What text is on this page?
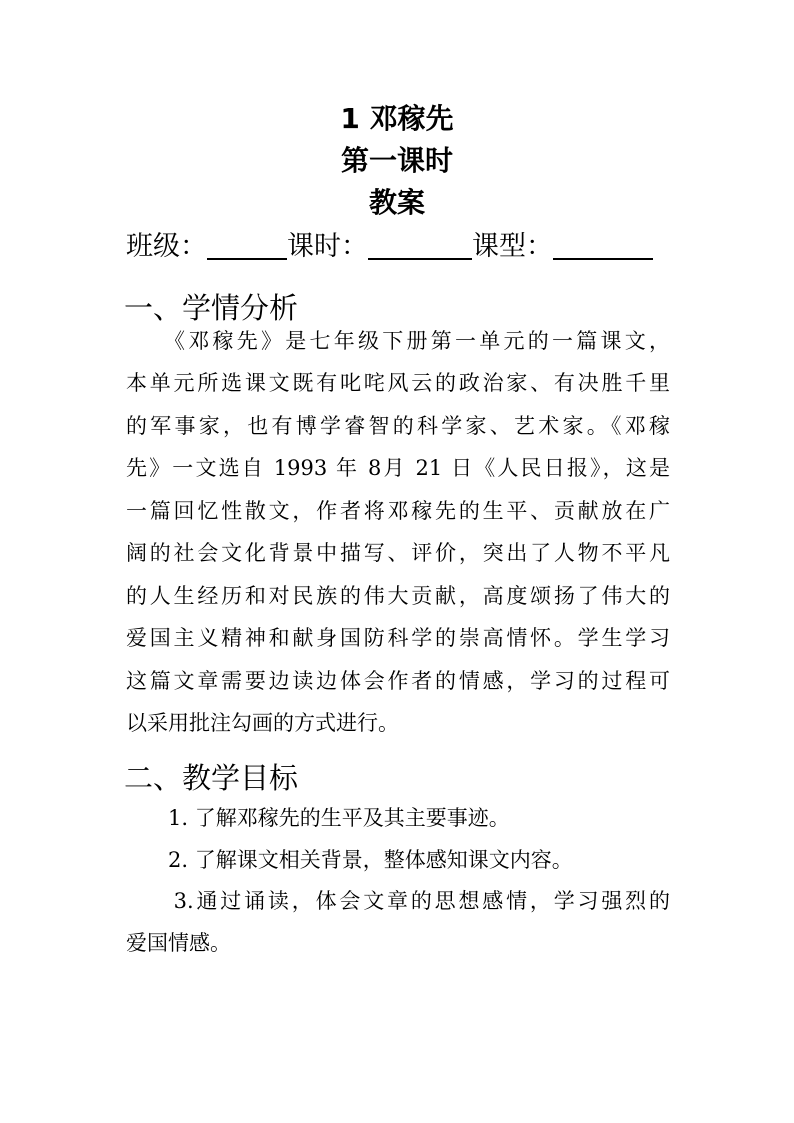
1 邓稼先
第一课时
教案
班级：	课时：	课型：
一、学情分析
　　《邓稼先》是七年级下册第一单元的一篇课文，
本单元所选课文既有叱咤风云的政治家、有决胜千里
的军事家，也有博学睿智的科学家、艺术家。《邓稼
先》一文选自 1993 年 8月 21 日《人民日报》，这是
一篇回忆性散文，作者将邓稼先的生平、贡献放在广
阔的社会文化背景中描写、评价，突出了人物不平凡
的人生经历和对民族的伟大贡献，高度颂扬了伟大的
爱国主义精神和献身国防科学的崇高情怀。学生学习
这篇文章需要边读边体会作者的情感，学习的过程可
以采用批注勾画的方式进行。
二、教学目标
　　1. 了解邓稼先的生平及其主要事迹。
　　2. 了解课文相关背景，整体感知课文内容。
　　3.通过诵读，体会文章的思想感情，学习强烈的
爱国情感。
